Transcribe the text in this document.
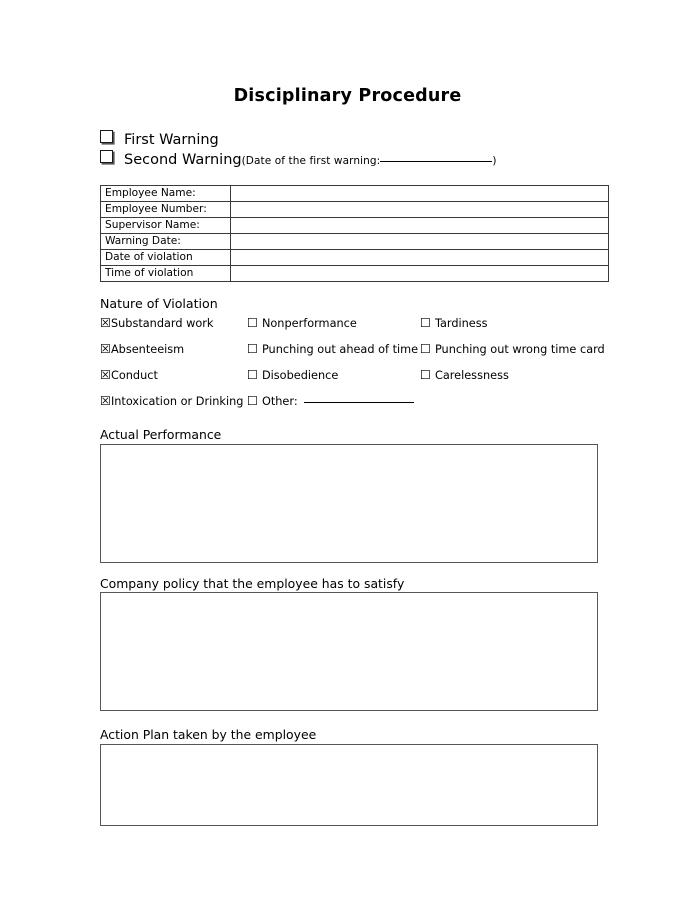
Disciplinary Procedure
First Warning
Second Warning(Date of the first warning:	)
Employee Name:	
Employee Number:	
Supervisor Name:	
Warning Date:	
Date of violation	
Time of violation	
Nature of Violation
☒Substandard work	☐ Nonperformance	☐ Tardiness
☒Absenteeism	☐ Punching out ahead of time ☐ Punching out wrong time card
☒Conduct	☐ Disobedience	☐ Carelessness
☒Intoxication or Drinking ☐ Other:
Actual Performance
Company policy that the employee has to satisfy
Action Plan taken by the employee
